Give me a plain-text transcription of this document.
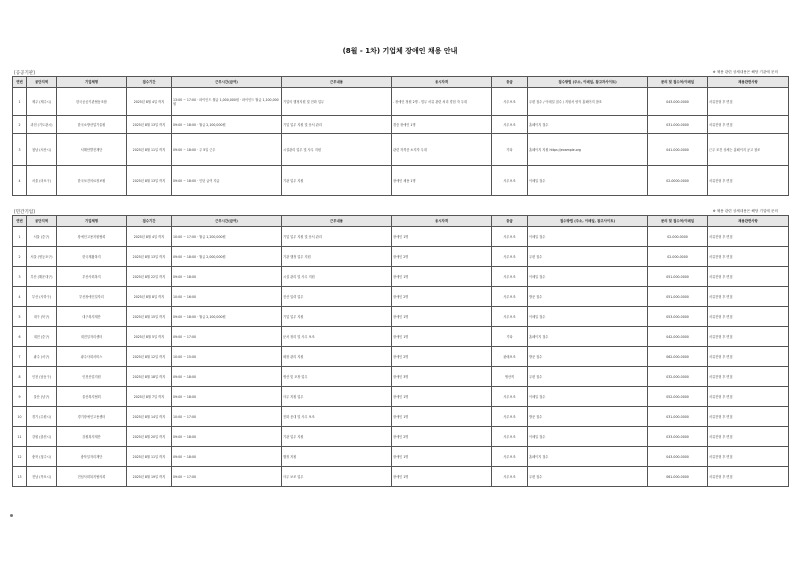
(8월 - 1차) 기업체 장애인 채용 안내
[공공기관]	※ 채용 관련 상세내용은 해당 기관에 문의
연번	공단지역	기업체명	접수기간	근무시간(급여)	근무내용	응시자격	등급	접수방법 (주소, 이메일, 참고자사이트)	문의 및 접수처/이메일	채용관련사항
1	제주 (제주시)	한국공공기관협동조합	2025년 8월 4일 까지	13:00 ~ 17:00 · 파이인드 월급 1,000,000원 · 파이인드 월급 1,100,000원	기업의 행정지원 및 전화 업무	- 장애인 정원 2명 - 법무 서류 관련 처리 경험 자 우대	사무보조	우편 접수 / 이메일 접수 / 지원서 양식 홈페이지 참조	043-000-0000	서류전형 후 면접
2	과천 (기도관시)	한국소방산업기술원	2025년 8월 13일 까지	09:00 ~ 18:00 · 월급 2,100,000원	기업 업무 지원 및 문서 관리	경증 장애인 1명	사무보조	홈페이지 접수	031-000-0000	서류전형 후 면접
3	청남 (서산시)	서해안발전재단	2025년 8월 11일 까지	09:00 ~ 18:00 · 주 5일 근무	시설관리 업무 및 사무 지원	관련 자격증 소지자 우대	기타	홈페이지 지원 https://example.org	041-000-0000	근무 조건 상세는 홈페이지 공고 참조
4	서울 (마포구)	한국보건의료정보원	2025년 8월 13일 까지	09:00 ~ 18:00 · 인턴 급여 지급	기관 업무 지원	장애인 채용 1명	사무보조	이메일 접수	02-0000-0000	서류전형 후 면접
[민간기업]	※ 채용 관련 상세내용은 해당 기업에 문의
연번	공단지역	기업체명	접수기간	근무시간(급여)	근무내용	응시자격	등급	접수방법 (주소, 이메일, 참고사이트)	문의 및 접수처/이메일	채용관련사항
1	서울 (중구)	장애인고용지원협회	2025년 8월 4일 까지	10:00 ~ 17:00 · 월급 1,200,000원	기업 업무 지원 및 문서 관리	장애인 1명	사무보조	이메일 접수	02-000-0000	서류전형 후 면접
2	서울 (영등포구)	한국재활복지	2025년 8월 13일 까지	09:00 ~ 18:00 · 월급 2,000,000원	기관 행정 업무 지원	장애인 2명	사무보조	우편 접수	02-000-0000	서류전형 후 면접
3	부산 (해운대구)	부산사회복지	2025년 8월 22일 까지	09:00 ~ 18:00	시설 관리 및 사무 지원	장애인 1명	사무보조	이메일 접수	051-000-0000	서류전형 후 면접
4	부산 (사하구)	부산장애인일자리	2025년 8월 8일 까지	10:00 ~ 16:00	전산 입력 업무	장애인 2명	사무보조	방문 접수	051-000-0000	서류전형 후 면접
5	대구 (북구)	대구복지재단	2025년 8월 15일 까지	09:00 ~ 18:00 · 월급 2,100,000원	기업 업무 지원	장애인 1명	사무보조	이메일 접수	053-000-0000	서류전형 후 면접
6	대전 (중구)	대전일자리센터	2025년 8월 5일 까지	09:00 ~ 17:00	문서 정리 및 사무 보조	장애인 1명	기타	홈페이지 접수	042-000-0000	서류전형 후 면접
7	광주 (서구)	광주사회서비스	2025년 8월 12일 까지	10:00 ~ 15:00	매장 관리 지원	장애인 2명	판매보조	방문 접수	062-000-0000	서류전형 후 면접
8	인천 (남동구)	인천산업지원	2025년 8월 18일 까지	09:00 ~ 18:00	생산 및 포장 업무	장애인 3명	생산직	우편 접수	032-000-0000	서류전형 후 면접
9	울산 (남구)	울산복지협회	2025년 8월 7일 까지	09:00 ~ 18:00	사무 지원 업무	장애인 1명	사무보조	이메일 접수	052-000-0000	서류전형 후 면접
10	경기 (수원시)	경기장애인고용센터	2025년 8월 14일 까지	10:00 ~ 17:00	전화 응대 및 사무 보조	장애인 1명	사무보조	방문 접수	031-000-0000	서류전형 후 면접
11	강원 (춘천시)	강원복지재단	2025년 8월 20일 까지	09:00 ~ 18:00	기관 업무 지원	장애인 2명	사무보조	이메일 접수	033-000-0000	서류전형 후 면접
12	충북 (청주시)	충북일자리재단	2025년 8월 11일 까지	09:00 ~ 18:00	행정 지원	장애인 1명	사무보조	홈페이지 접수	043-000-0000	서류전형 후 면접
13	전남 (목포시)	전남사회복지협의회	2025년 8월 19일 까지	09:00 ~ 17:00	사무 보조 업무	장애인 1명	사무보조	우편 접수	061-000-0000	서류전형 후 면접
